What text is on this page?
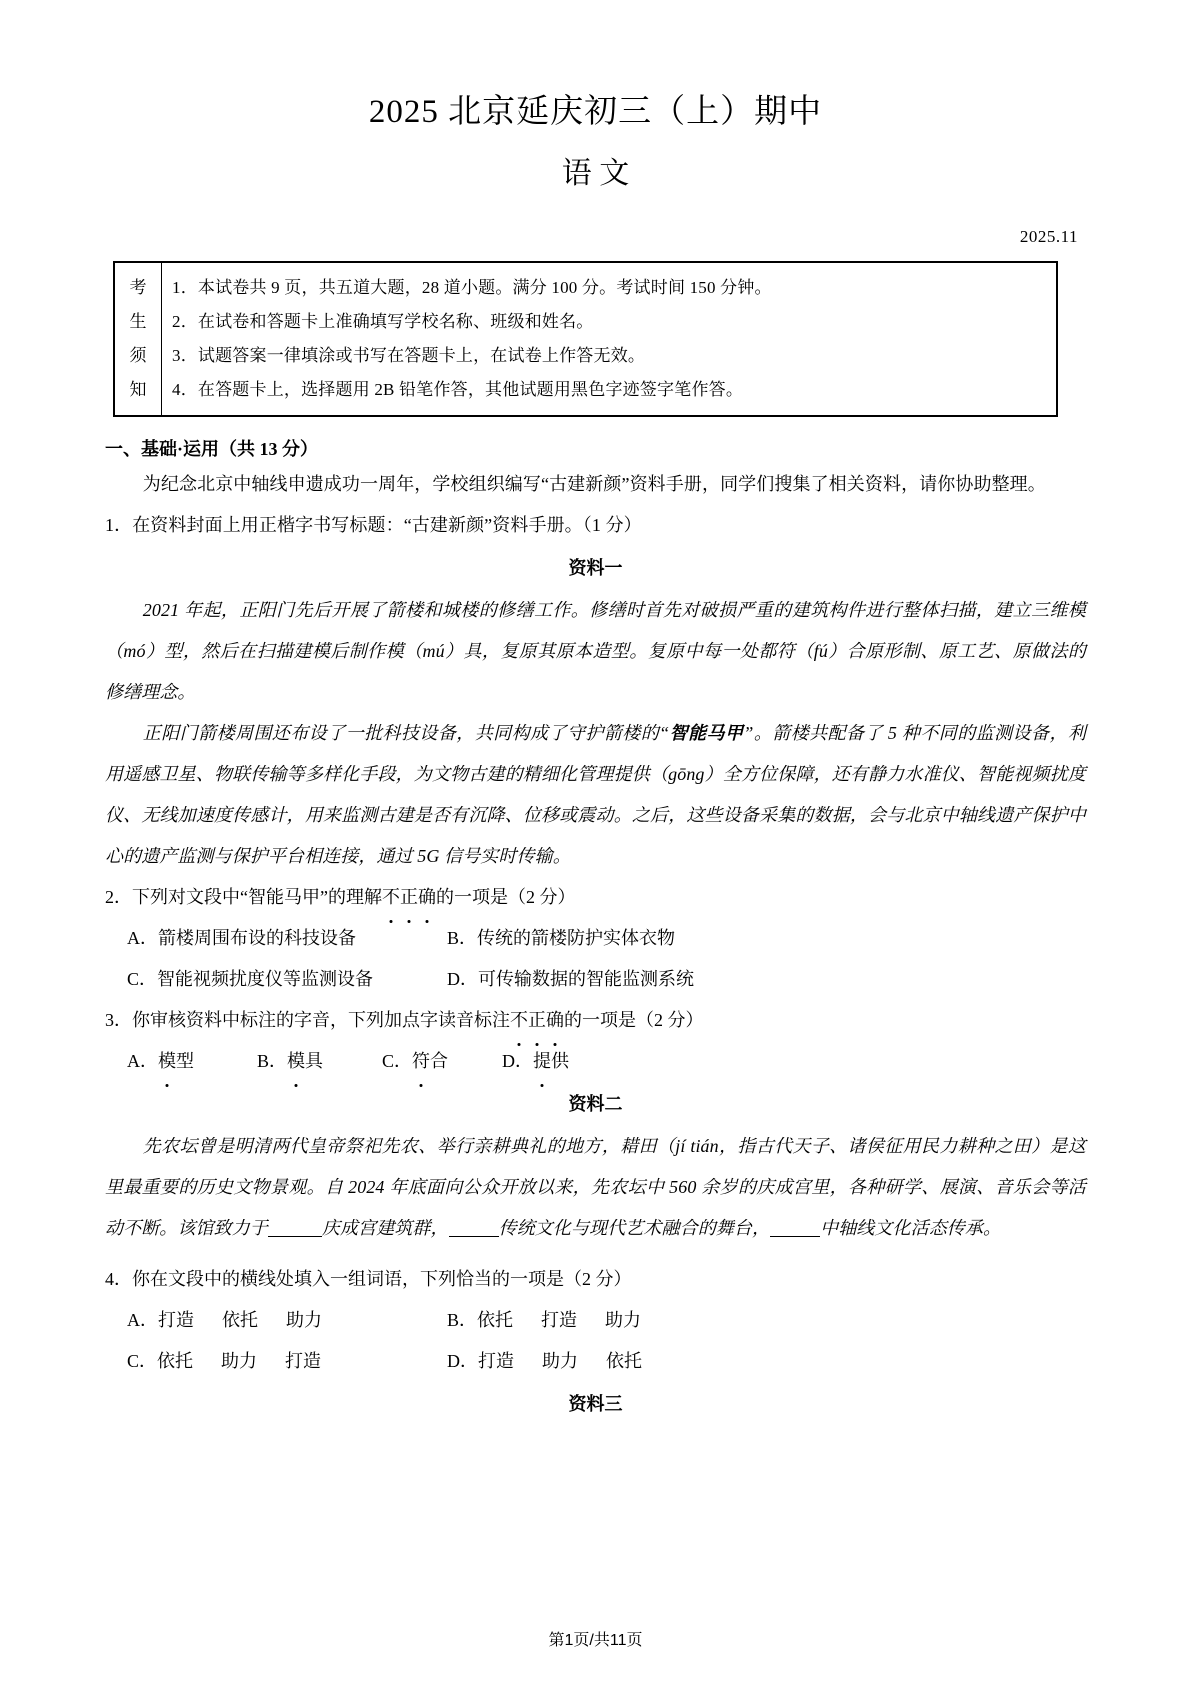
2025 北京延庆初三（上）期中
语 文
2025.11
考
生
须
知
1．本试卷共 9 页，共五道大题，28 道小题。满分 100 分。考试时间 150 分钟。
2．在试卷和答题卡上准确填写学校名称、班级和姓名。
3．试题答案一律填涂或书写在答题卡上，在试卷上作答无效。
4．在答题卡上，选择题用 2B 铅笔作答，其他试题用黑色字迹签字笔作答。
一、基础·运用（共 13 分）

为纪念北京中轴线申遗成功一周年，学校组织编写“古建新颜”资料手册，同学们搜集了相关资料，请你协助整理。

1．在资料封面上用正楷字书写标题：“古建新颜”资料手册。（1 分）

资料一

2021 年起，正阳门先后开展了箭楼和城楼的修缮工作。修缮时首先对破损严重的建筑构件进行整体扫描，建立三维模（mó）型，然后在扫描建模后制作模（mú）具，复原其原本造型。复原中每一处都符（fú）合原形制、原工艺、原做法的修缮理念。

正阳门箭楼周围还布设了一批科技设备，共同构成了守护箭楼的“智能马甲”。箭楼共配备了 5 种不同的监测设备，利用遥感卫星、物联传输等多样化手段，为文物古建的精细化管理提供（gōng）全方位保障，还有静力水准仪、智能视频扰度仪、无线加速度传感计，用来监测古建是否有沉降、位移或震动。之后，这些设备采集的数据，会与北京中轴线遗产保护中心的遗产监测与保护平台相连接，通过 5G 信号实时传输。

2．下列对文段中“智能马甲”的理解不正确的一项是（2 分）

A．箭楼周围布设的科技设备	B．传统的箭楼防护实体衣物
C．智能视频扰度仪等监测设备	D．可传输数据的智能监测系统

3．你审核资料中标注的字音，下列加点字读音标注不正确的一项是（2 分）

A．模型	B．模具	C．符合	D．提供

资料二

先农坛曾是明清两代皇帝祭祀先农、举行亲耕典礼的地方，耤田（jí tián，指古代天子、诸侯征用民力耕种之田）是这里最重要的历史文物景观。自 2024 年底面向公众开放以来，先农坛中 560 余岁的庆成宫里，各种研学、展演、音乐会等活动不断。该馆致力于	庆成宫建筑群，	传统文化与现代艺术融合的舞台，	中轴线文化活态传承。

4．你在文段中的横线处填入一组词语，下列恰当的一项是（2 分）

A．打造 依托 助力	B．依托 打造 助力
C．依托 助力 打造	D．打造 助力 依托

资料三

第1页/共11页
